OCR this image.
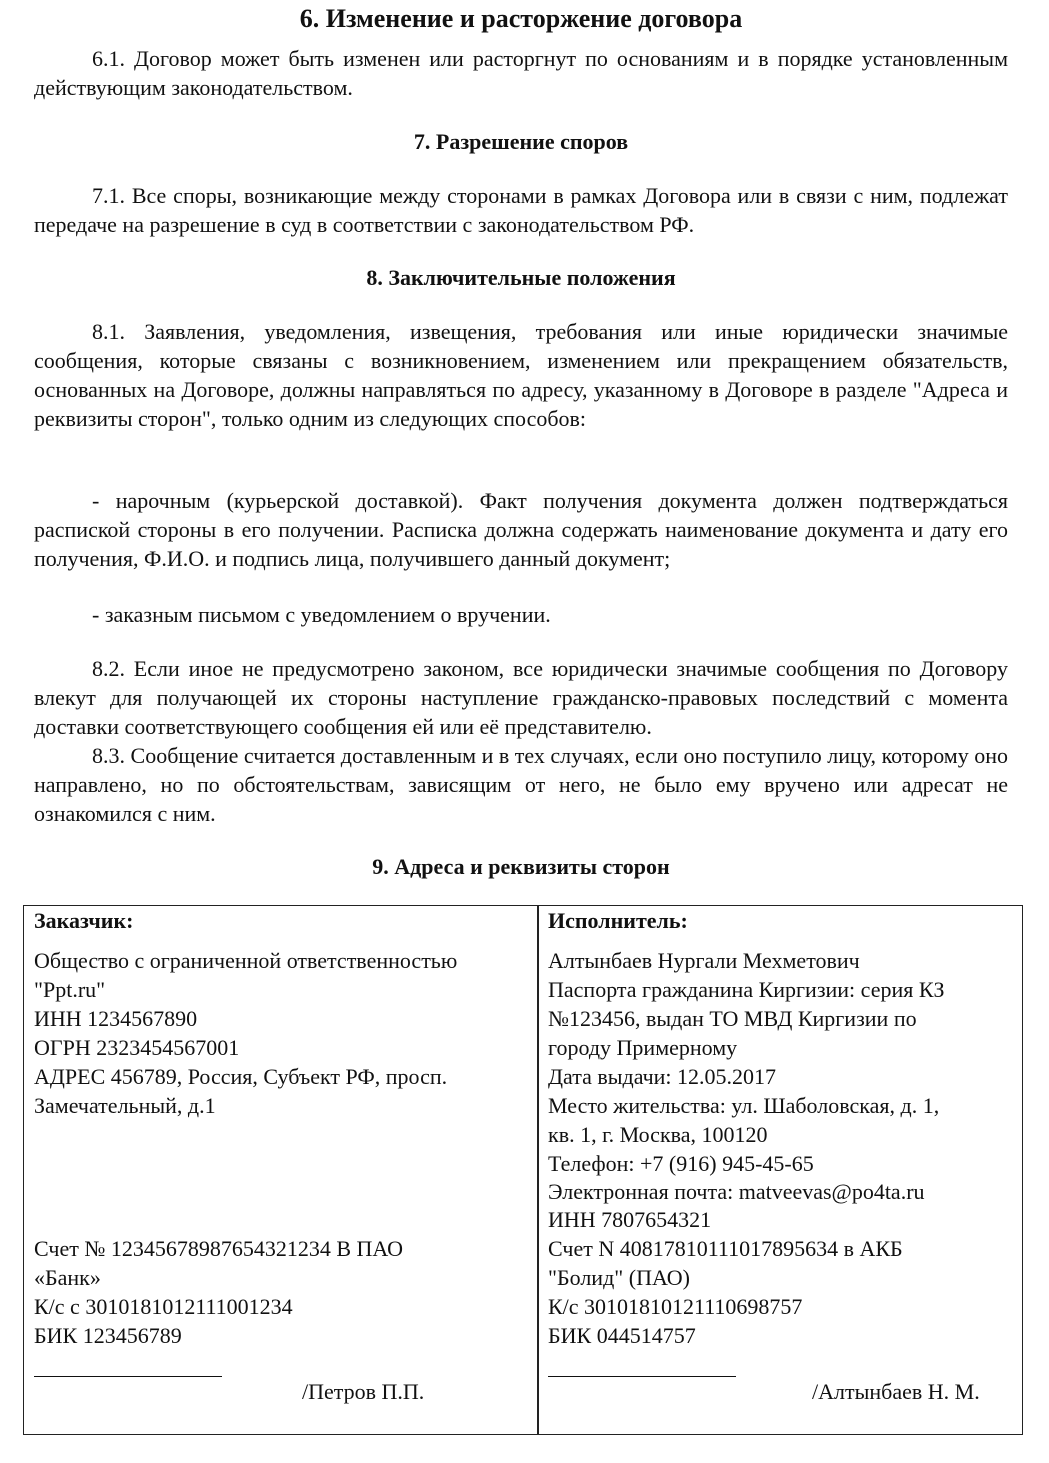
6. Изменение и расторжение договора
6.1. Договор может быть изменен или расторгнут по основаниям и в порядке установленным действующим законодательством.
7. Разрешение споров
7.1. Все споры, возникающие между сторонами в рамках Договора или в связи с ним, подлежат передаче на разрешение в суд в соответствии с законодательством РФ.
8. Заключительные положения
8.1. Заявления, уведомления, извещения, требования или иные юридически значимые сообщения, которые связаны с возникновением, изменением или прекращением обязательств, основанных на Договоре, должны направляться по адресу, указанному в Договоре в разделе "Адреса и реквизиты сторон", только одним из следующих способов:
- нарочным (курьерской доставкой). Факт получения документа должен подтверждаться распиской стороны в его получении. Расписка должна содержать наименование документа и дату его получения, Ф.И.О. и подпись лица, получившего данный документ;
- заказным письмом с уведомлением о вручении.
8.2. Если иное не предусмотрено законом, все юридически значимые сообщения по Договору влекут для получающей их стороны наступление гражданско-правовых последствий с момента доставки соответствующего сообщения ей или её представителю.
8.3. Сообщение считается доставленным и в тех случаях, если оно поступило лицу, которому оно направлено, но по обстоятельствам, зависящим от него, не было ему вручено или адресат не ознакомился с ним.
9. Адреса и реквизиты сторон
Заказчик:
Общество с ограниченной ответственностью
"Ppt.ru"
ИНН 1234567890
ОГРН 2323454567001
АДРЕС 456789, Россия, Субъект РФ, просп.
Замечательный, д.1
Счет № 12345678987654321234 В ПАО
«Банк»
К/с с 3010181012111001234
БИК 123456789
/Петров П.П.
Исполнитель:
Алтынбаев Нургали Мехметович
Паспорта гражданина Киргизии: серия КЗ
№123456, выдан ТО МВД Киргизии по
городу Примерному
Дата выдачи: 12.05.2017
Место жительства: ул. Шаболовская, д. 1,
кв. 1, г. Москва, 100120
Телефон: +7 (916) 945-45-65
Электронная почта: matveevas@po4ta.ru
ИНН 7807654321
Счет N 40817810111017895634 в АКБ
"Болид" (ПАО)
К/с 30101810121110698757
БИК 044514757
/Алтынбаев Н. М.
